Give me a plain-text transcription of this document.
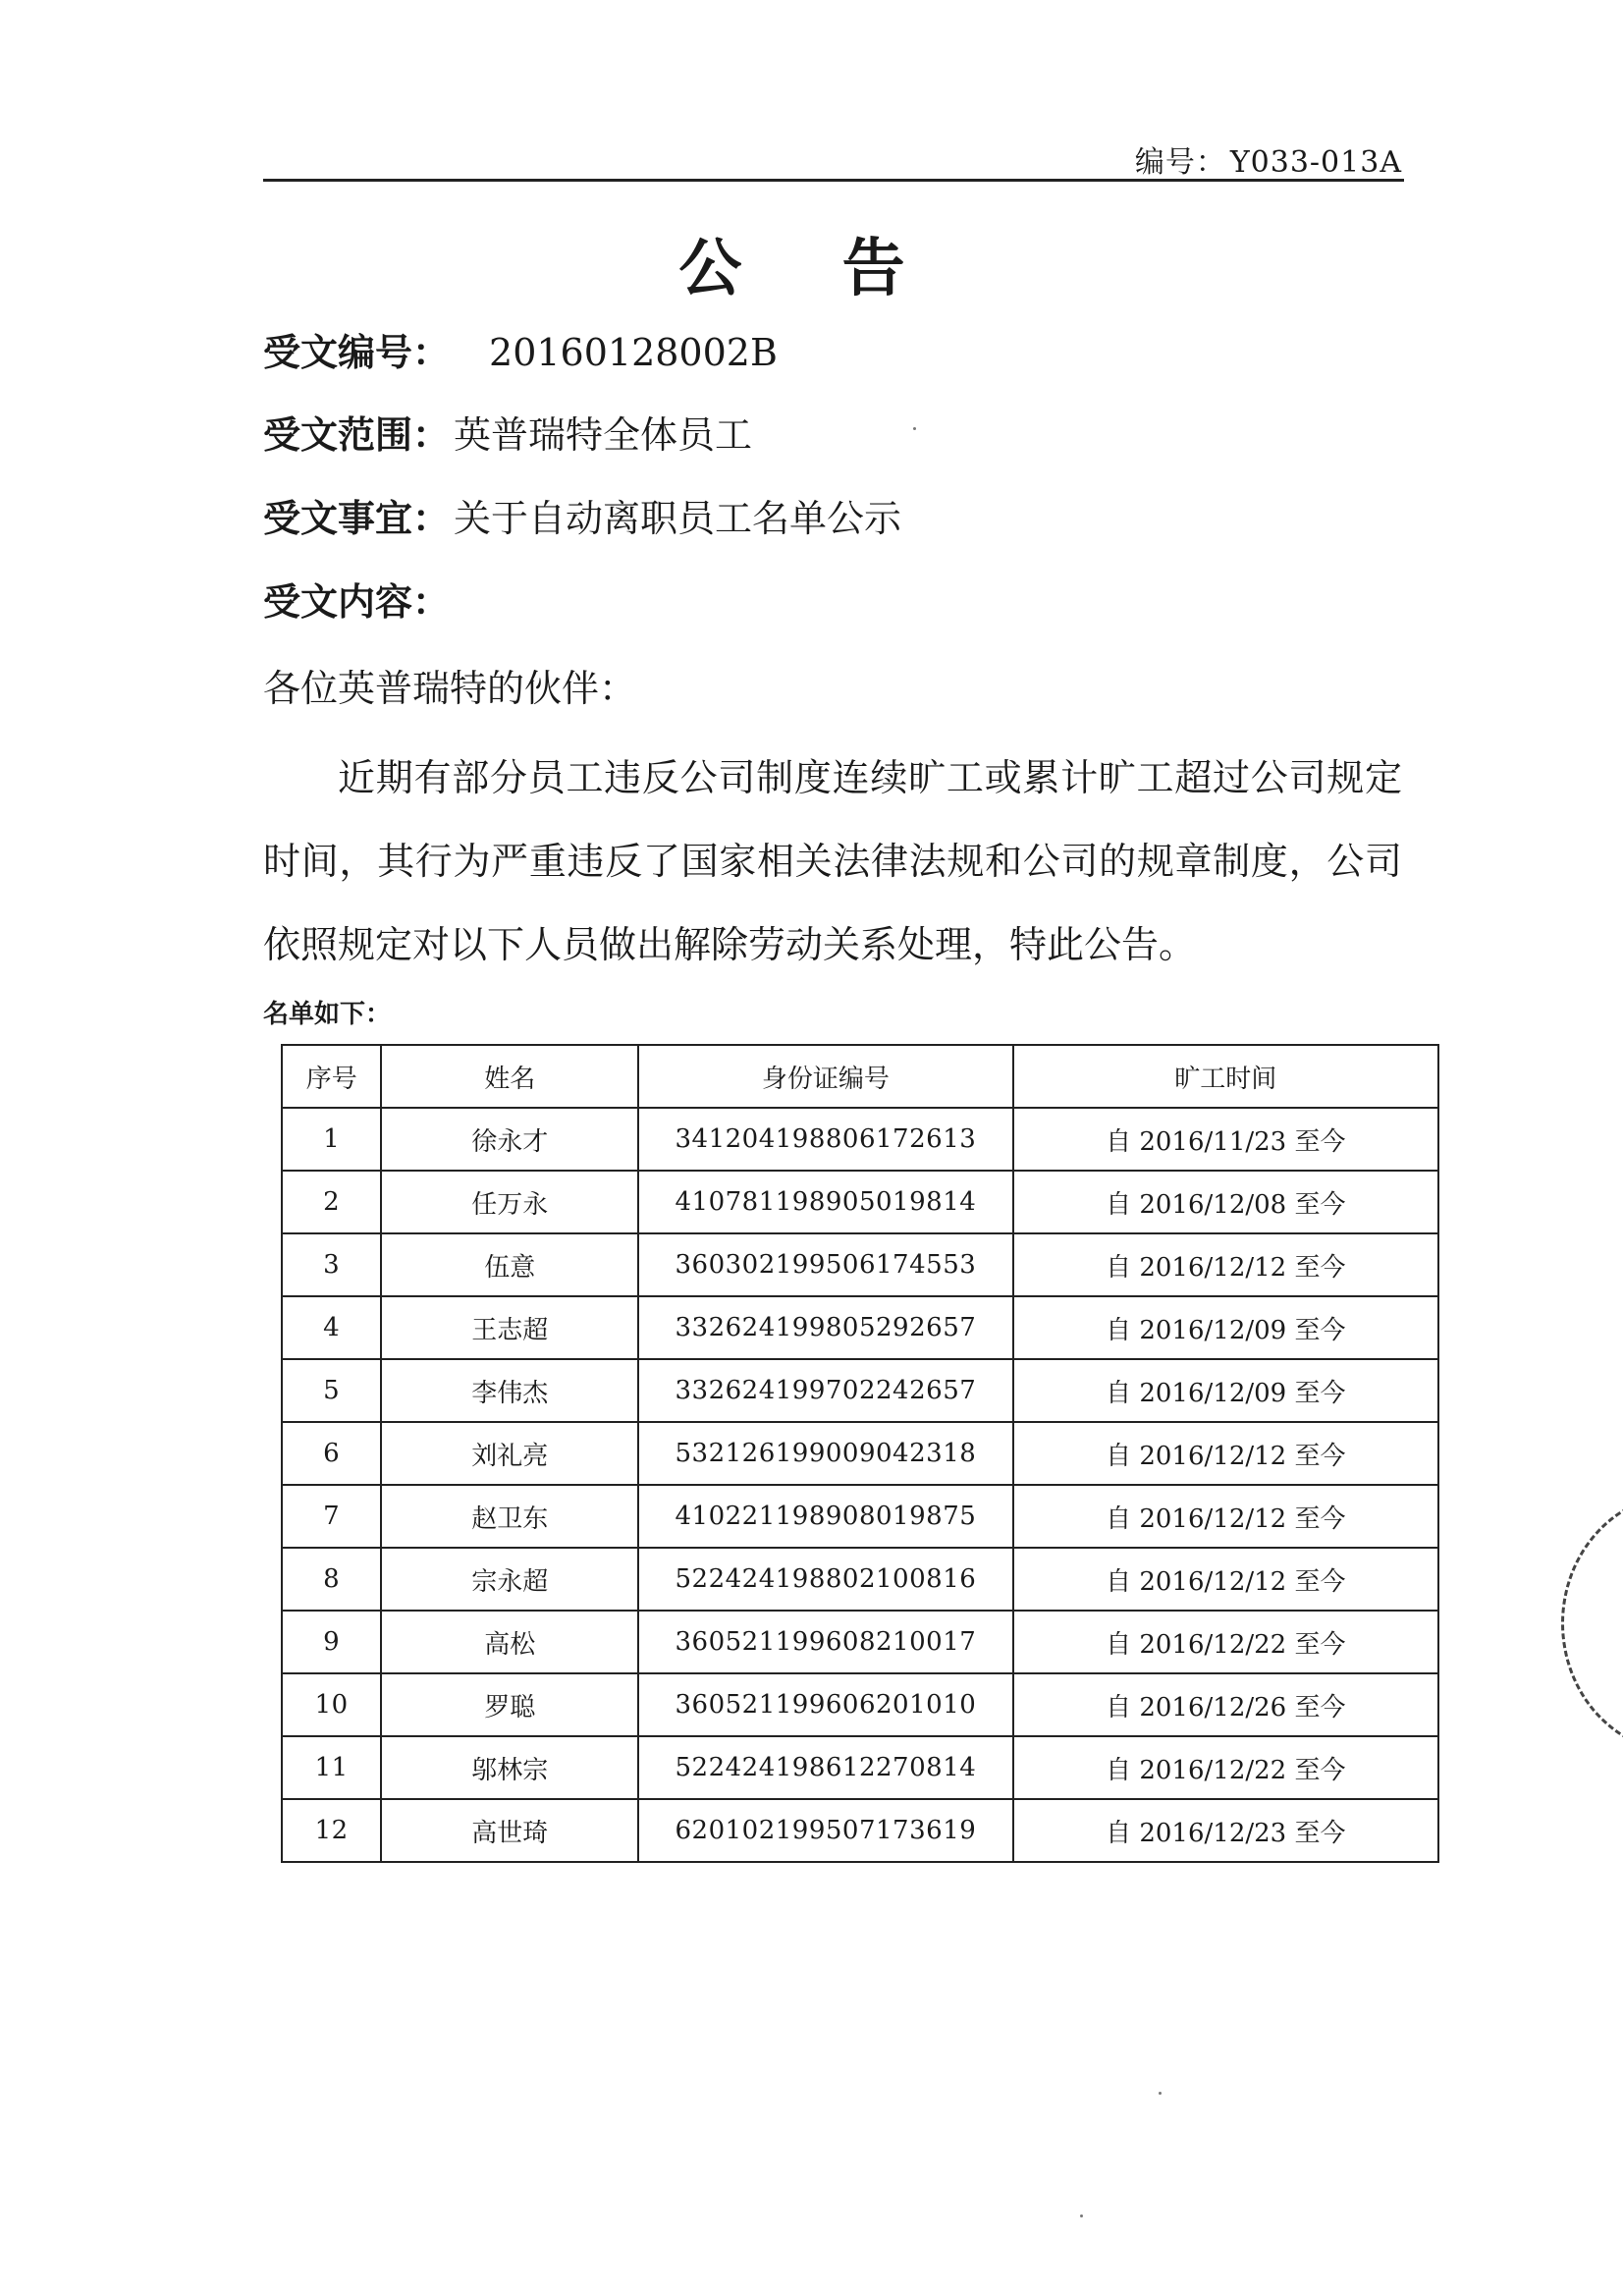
编号： Y033-013A
公 告
受文编号： 20160128002B
受文范围： 英普瑞特全体员工
受文事宜： 关于自动离职员工名单公示
受文内容：
各位英普瑞特的伙伴：

近期有部分员工违反公司制度连续旷工或累计旷工超过公司规定时间，其行为严重违反了国家相关法律法规和公司的规章制度，公司依照规定对以下人员做出解除劳动关系处理，特此公告。

名单如下：
序号	姓名	身份证编号	旷工时间
1	徐永才	341204198806172613	自 2016/11/23 至今
2	任万永	410781198905019814	自 2016/12/08 至今
3	伍意	360302199506174553	自 2016/12/12 至今
4	王志超	332624199805292657	自 2016/12/09 至今
5	李伟杰	332624199702242657	自 2016/12/09 至今
6	刘礼亮	532126199009042318	自 2016/12/12 至今
7	赵卫东	410221198908019875	自 2016/12/12 至今
8	宗永超	522424198802100816	自 2016/12/12 至今
9	高松	360521199608210017	自 2016/12/22 至今
10	罗聪	360521199606201010	自 2016/12/26 至今
11	邬林宗	522424198612270814	自 2016/12/22 至今
12	高世琦	620102199507173619	自 2016/12/23 至今
